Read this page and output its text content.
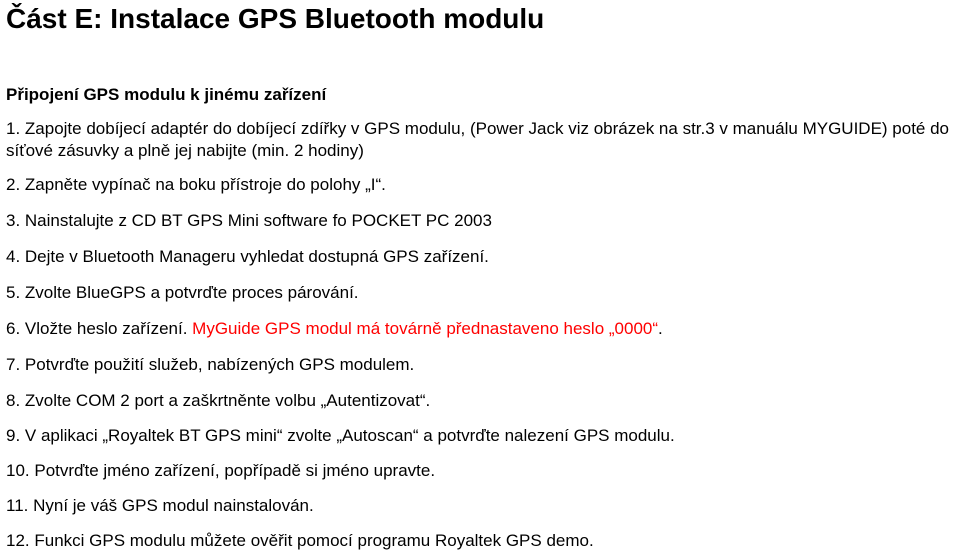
Část E: Instalace GPS Bluetooth modulu
Připojení GPS modulu k jinému zařízení
1. Zapojte dobíjecí adaptér do dobíjecí zdířky v GPS modulu, (Power Jack viz obrázek na str.3 v manuálu MYGUIDE) poté do síťové zásuvky a plně jej nabijte (min. 2 hodiny)
2. Zapněte vypínač na boku přístroje do polohy „I“.
3. Nainstalujte z CD BT GPS Mini software fo POCKET PC 2003
4. Dejte v Bluetooth Manageru vyhledat dostupná GPS zařízení.
5. Zvolte BlueGPS a potvrďte proces párování.
6. Vložte heslo zařízení. MyGuide GPS modul má továrně přednastaveno heslo „0000“.
7. Potvrďte použití služeb, nabízených GPS modulem.
8. Zvolte COM 2 port a zaškrtněnte volbu „Autentizovat“.
9. V aplikaci „Royaltek BT GPS mini“ zvolte „Autoscan“ a potvrďte nalezení GPS modulu.
10. Potvrďte jméno zařízení, popřípadě si jméno upravte.
11. Nyní je váš GPS modul nainstalován.
12. Funkci GPS modulu můžete ověřit pomocí programu Royaltek GPS demo.
